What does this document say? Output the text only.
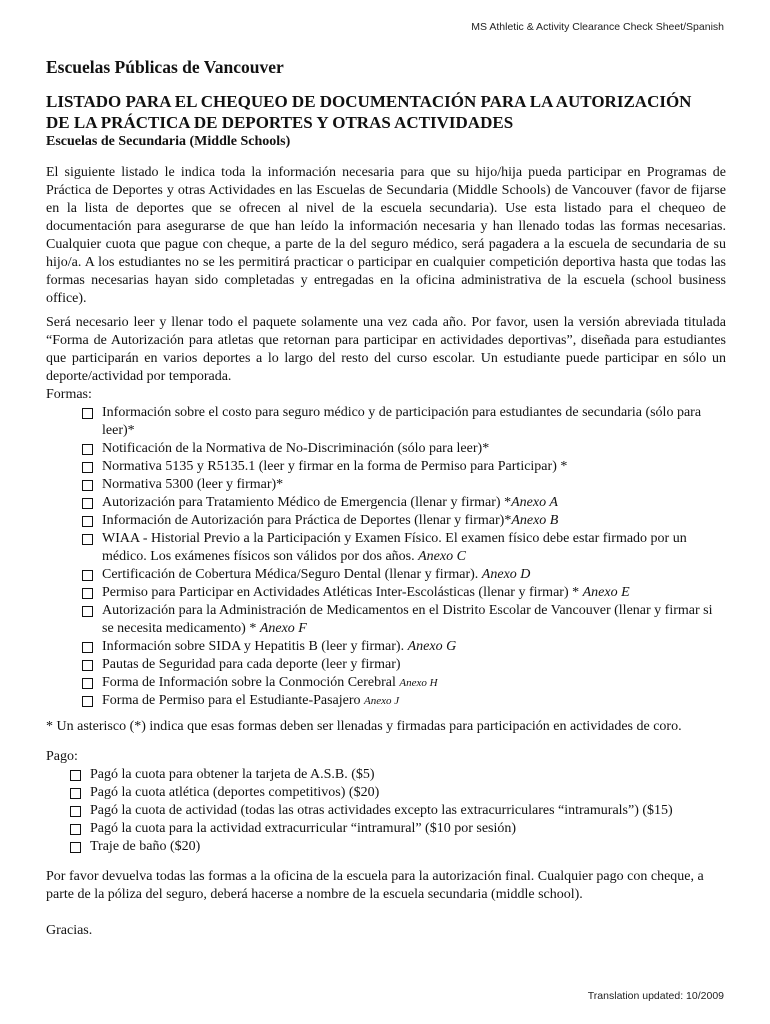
MS Athletic & Activity Clearance Check Sheet/Spanish

Escuelas Públicas de Vancouver

LISTADO PARA EL CHEQUEO DE DOCUMENTACIÓN PARA LA AUTORIZACIÓN

DE LA PRÁCTICA DE DEPORTES Y OTRAS ACTIVIDADES

Escuelas de Secundaria (Middle Schools)

El siguiente listado le indica toda la información necesaria para que su hijo/hija pueda participar en Programas de Práctica de Deportes y otras Actividades en las Escuelas de Secundaria (Middle Schools) de Vancouver (favor de fijarse en la lista de deportes que se ofrecen al nivel de la escuela secundaria). Use esta listado para el chequeo de documentación para asegurarse de que han leído la información necesaria y han llenado todas las formas necesarias. Cualquier cuota que pague con cheque, a parte de la del seguro médico, será pagadera a la escuela de secundaria de su hijo/a. A los estudiantes no se les permitirá practicar o participar en cualquier competición deportiva hasta que todas las formas necesarias hayan sido completadas y entregadas en la oficina administrativa de la escuela (school business office).

Será necesario leer y llenar todo el paquete solamente una vez cada año. Por favor, usen la versión abreviada titulada “Forma de Autorización para atletas que retornan para participar en actividades deportivas”, diseñada para estudiantes que participarán en varios deportes a lo largo del resto del curso escolar. Un estudiante puede participar en sólo un deporte/actividad por temporada.

Formas:

Información sobre el costo para seguro médico y de participación para estudiantes de secundaria (sólo para leer)*
Notificación de la Normativa de No-Discriminación (sólo para leer)*
Normativa 5135 y R5135.1 (leer y firmar en la forma de Permiso para Participar) *
Normativa 5300 (leer y firmar)*
Autorización para Tratamiento Médico de Emergencia (llenar y firmar) *Anexo A
Información de Autorización para Práctica de Deportes (llenar y firmar)*Anexo B
WIAA - Historial Previo a la Participación y Examen Físico. El examen físico debe estar firmado por un médico. Los exámenes físicos son válidos por dos años. Anexo C
Certificación de Cobertura Médica/Seguro Dental (llenar y firmar). Anexo D
Permiso para Participar en Actividades Atléticas Inter-Escolásticas (llenar y firmar) * Anexo E
Autorización para la Administración de Medicamentos en el Distrito Escolar de Vancouver (llenar y firmar si se necesita medicamento) * Anexo F
Información sobre SIDA y Hepatitis B (leer y firmar). Anexo G
Pautas de Seguridad para cada deporte (leer y firmar)
Forma de Información sobre la Conmoción Cerebral Anexo H
Forma de Permiso para el Estudiante-Pasajero Anexo J

* Un asterisco (*) indica que esas formas deben ser llenadas y firmadas para participación en actividades de coro.

Pago:

Pagó la cuota para obtener la tarjeta de A.S.B. ($5)
Pagó la cuota atlética (deportes competitivos) ($20)
Pagó la cuota de actividad (todas las otras actividades excepto las extracurriculares “intramurals”) ($15)
Pagó la cuota para la actividad extracurricular “intramural” ($10 por sesión)
Traje de baño ($20)

Por favor devuelva todas las formas a la oficina de la escuela para la autorización final. Cualquier pago con cheque, a parte de la póliza del seguro, deberá hacerse a nombre de la escuela secundaria (middle school).

Gracias.

Translation updated: 10/2009
